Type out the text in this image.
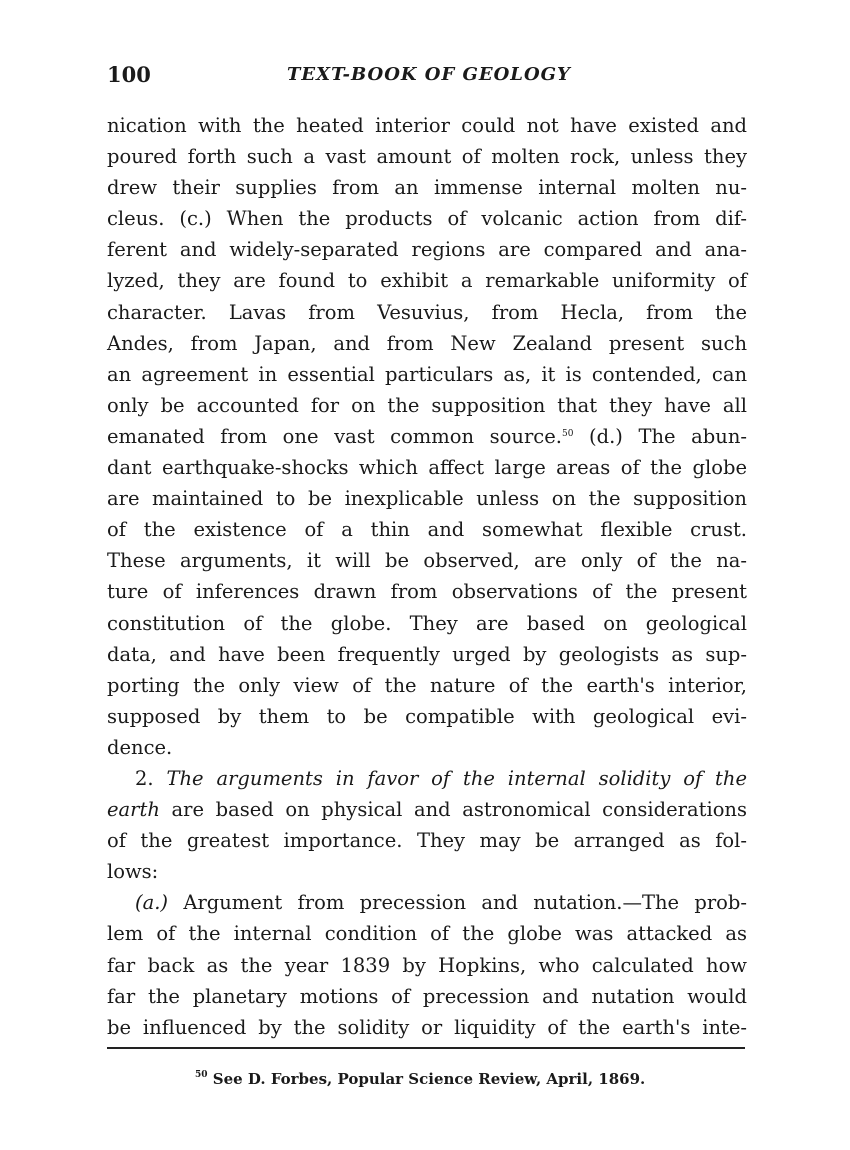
100	TEXT-BOOK OF GEOLOGY
nication with the heated interior could not have existed and
poured forth such a vast amount of molten rock, unless they
drew their supplies from an immense internal molten nu-
cleus. (c.) When the products of volcanic action from dif-
ferent and widely-separated regions are compared and ana-
lyzed, they are found to exhibit a remarkable uniformity of
character. Lavas from Vesuvius, from Hecla, from the
Andes, from Japan, and from New Zealand present such
an agreement in essential particulars as, it is contended, can
only be accounted for on the supposition that they have all
emanated from one vast common source.$^{50}$ (d.) The abun-
dant earthquake-shocks which affect large areas of the globe
are maintained to be inexplicable unless on the supposition
of the existence of a thin and somewhat flexible crust.
These arguments, it will be observed, are only of the na-
ture of inferences drawn from observations of the present
constitution of the globe. They are based on geological
data, and have been frequently urged by geologists as sup-
porting the only view of the nature of the earth's interior,
supposed by them to be compatible with geological evi-
dence.
2. The arguments in favor of the internal solidity of the
earth are based on physical and astronomical considerations
of the greatest importance. They may be arranged as fol-
lows:
(a.) Argument from precession and nutation.—The prob-
lem of the internal condition of the globe was attacked as
far back as the year 1839 by Hopkins, who calculated how
far the planetary motions of precession and nutation would
be influenced by the solidity or liquidity of the earth's inte-
$^{50}$ See D. Forbes, Popular Science Review, April, 1869.
